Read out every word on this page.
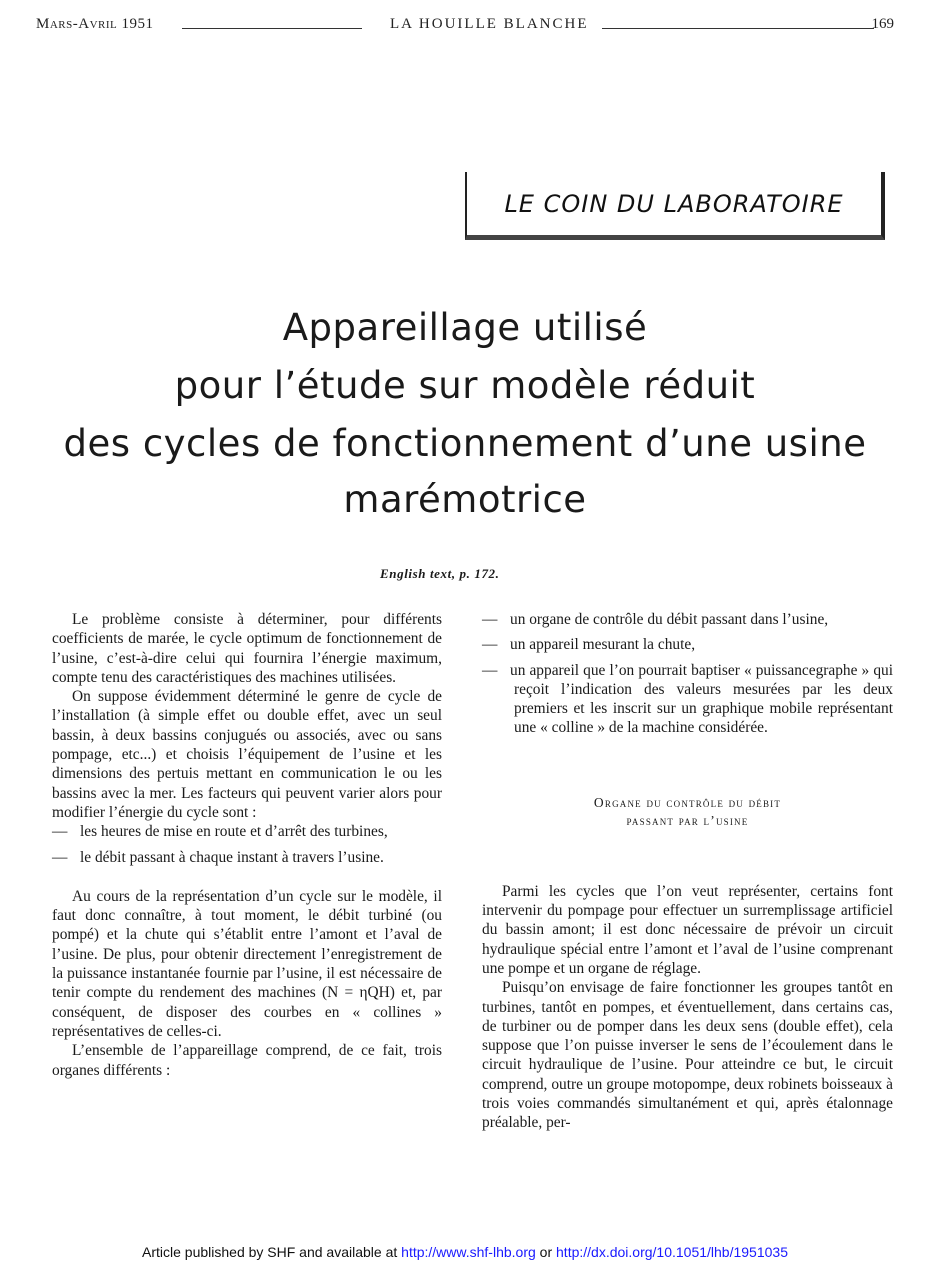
Mars-Avril 1951	LA HOUILLE BLANCHE	169
LE COIN DU LABORATOIRE
Appareillage utilisé
pour l’étude sur modèle réduit
des cycles de fonctionnement d’une usine
marémotrice
English text, p. 172.

Le problème consiste à déterminer, pour différents coefficients de marée, le cycle optimum de fonctionnement de l’usine, c’est-à-dire celui qui fournira l’énergie maximum, compte tenu des caractéristiques des machines utilisées.

On suppose évidemment déterminé le genre de cycle de l’installation (à simple effet ou double effet, avec un seul bassin, à deux bassins conjugués ou associés, avec ou sans pompage, etc...) et choisis l’équipement de l’usine et les dimensions des pertuis mettant en communication le ou les bassins avec la mer. Les facteurs qui peuvent varier alors pour modifier l’énergie du cycle sont :

— les heures de mise en route et d’arrêt des turbines,
— le débit passant à chaque instant à travers l’usine.

Au cours de la représentation d’un cycle sur le modèle, il faut donc connaître, à tout moment, le débit turbiné (ou pompé) et la chute qui s’établit entre l’amont et l’aval de l’usine. De plus, pour obtenir directement l’enregistrement de la puissance instantanée fournie par l’usine, il est nécessaire de tenir compte du rendement des machines (N = ηQH) et, par conséquent, de disposer des courbes en « collines » représentatives de celles-ci.

L’ensemble de l’appareillage comprend, de ce fait, trois organes différents :

— un organe de contrôle du débit passant dans l’usine,
— un appareil mesurant la chute,
— un appareil que l’on pourrait baptiser « puissancegraphe » qui reçoit l’indication des valeurs mesurées par les deux premiers et les inscrit sur un graphique mobile représentant une « colline » de la machine considérée.
Organe du contrôle du débit
passant par l’usine

Parmi les cycles que l’on veut représenter, certains font intervenir du pompage pour effectuer un surremplissage artificiel du bassin amont; il est donc nécessaire de prévoir un circuit hydraulique spécial entre l’amont et l’aval de l’usine comprenant une pompe et un organe de réglage.

Puisqu’on envisage de faire fonctionner les groupes tantôt en turbines, tantôt en pompes, et éventuellement, dans certains cas, de turbiner ou de pomper dans les deux sens (double effet), cela suppose que l’on puisse inverser le sens de l’écoulement dans le circuit hydraulique de l’usine. Pour atteindre ce but, le circuit comprend, outre un groupe motopompe, deux robinets boisseaux à trois voies commandés simultanément et qui, après étalonnage préalable, per-

Article published by SHF and available at http://www.shf-lhb.org or http://dx.doi.org/10.1051/lhb/1951035
